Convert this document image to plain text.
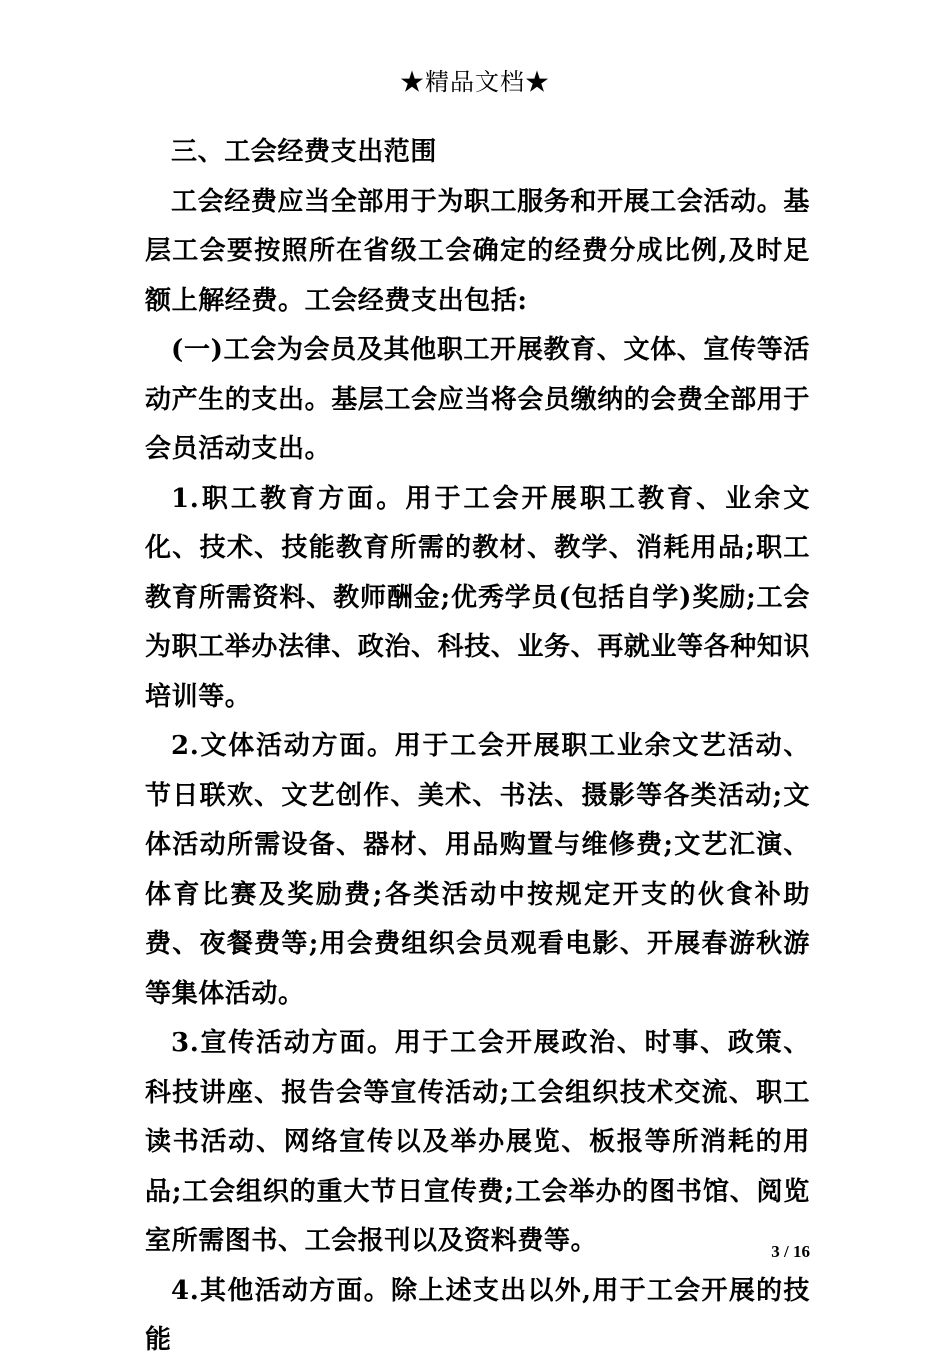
★精品文档★

三、工会经费支出范围

工会经费应当全部用于为职工服务和开展工会活动。基层工会要按照所在省级工会确定的经费分成比例,及时足额上解经费。工会经费支出包括:

(一)工会为会员及其他职工开展教育、文体、宣传等活动产生的支出。基层工会应当将会员缴纳的会费全部用于会员活动支出。

1.职工教育方面。用于工会开展职工教育、业余文化、技术、技能教育所需的教材、教学、消耗用品;职工教育所需资料、教师酬金;优秀学员(包括自学)奖励;工会为职工举办法律、政治、科技、业务、再就业等各种知识培训等。

2.文体活动方面。用于工会开展职工业余文艺活动、节日联欢、文艺创作、美术、书法、摄影等各类活动;文体活动所需设备、器材、用品购置与维修费;文艺汇演、体育比赛及奖励费;各类活动中按规定开支的伙食补助费、夜餐费等;用会费组织会员观看电影、开展春游秋游等集体活动。

3.宣传活动方面。用于工会开展政治、时事、政策、科技讲座、报告会等宣传活动;工会组织技术交流、职工读书活动、网络宣传以及举办展览、板报等所消耗的用品;工会组织的重大节日宣传费;工会举办的图书馆、阅览室所需图书、工会报刊以及资料费等。

4.其他活动方面。除上述支出以外,用于工会开展的技能

3 / 16
